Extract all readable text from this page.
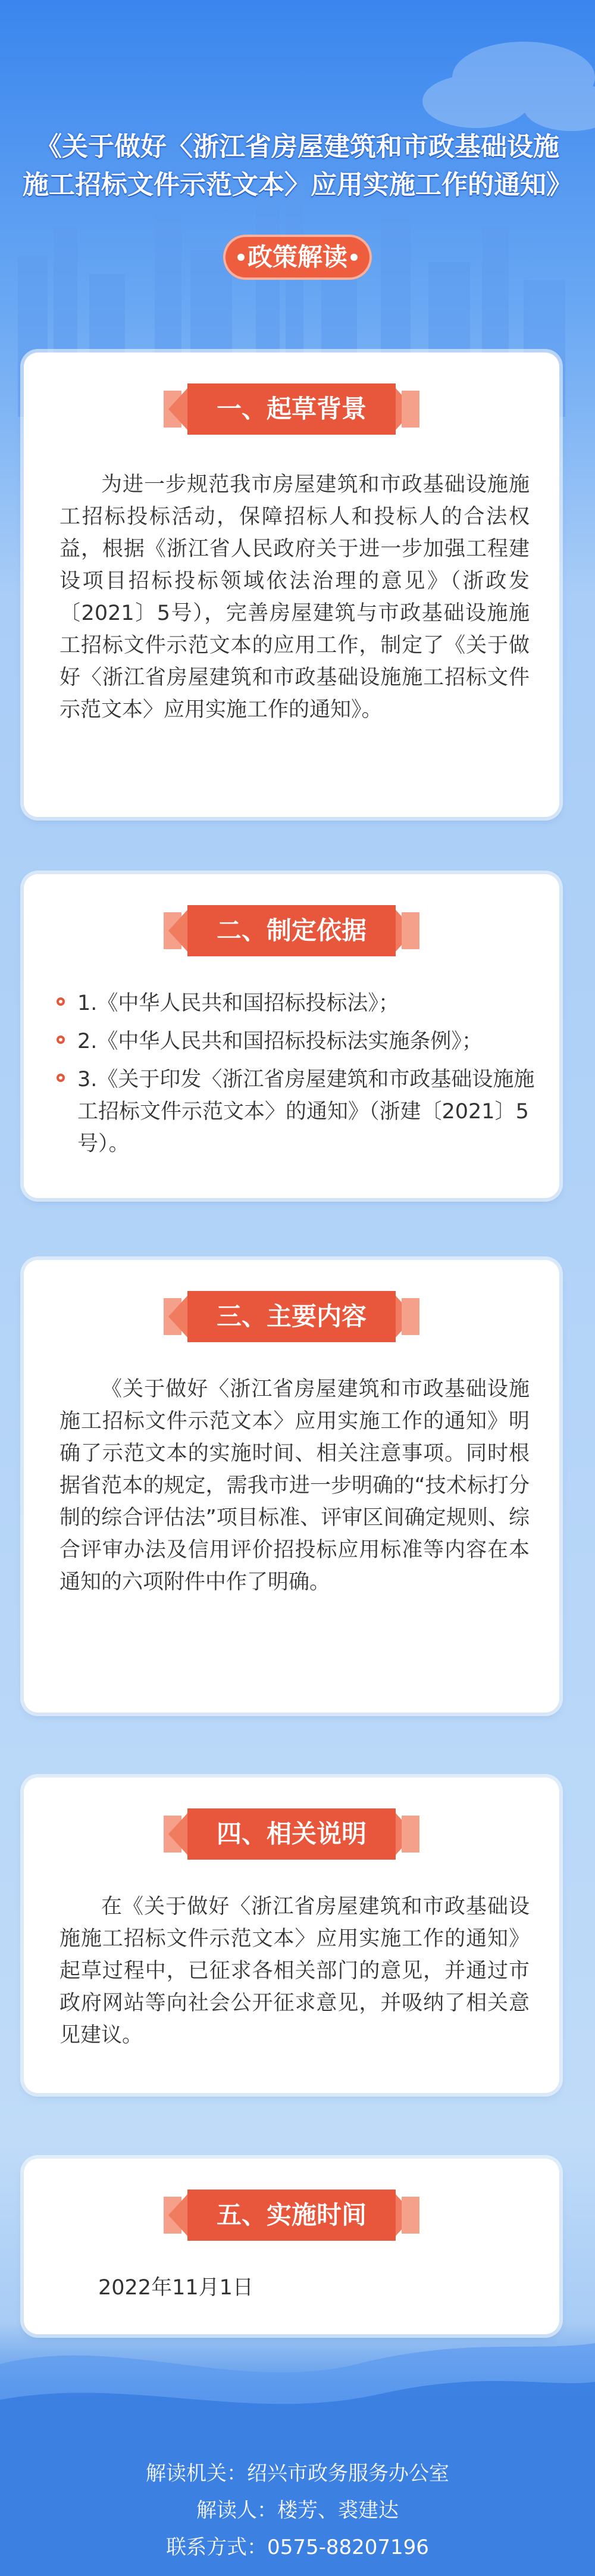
《关于做好〈浙江省房屋建筑和市政基础设施
施工招标文件示范文本〉应用实施工作的通知》
政策解读
一、起草背景
为进一步规范我市房屋建筑和市政基础设施施工招标投标活动，保障招标人和投标人的合法权益，根据《浙江省人民政府关于进一步加强工程建设项目招标投标领域依法治理的意见》（浙政发〔2021〕5号），完善房屋建筑与市政基础设施施工招标文件示范文本的应用工作，制定了《关于做好〈浙江省房屋建筑和市政基础设施施工招标文件示范文本〉应用实施工作的通知》。
二、制定依据
1.《中华人民共和国招标投标法》；
2.《中华人民共和国招标投标法实施条例》；
3.《关于印发〈浙江省房屋建筑和市政基础设施施工招标文件示范文本〉的通知》（浙建〔2021〕5号）。
三、主要内容
《关于做好〈浙江省房屋建筑和市政基础设施施工招标文件示范文本〉应用实施工作的通知》明确了示范文本的实施时间、相关注意事项。同时根据省范本的规定，需我市进一步明确的“技术标打分制的综合评估法”项目标准、评审区间确定规则、综合评审办法及信用评价招投标应用标准等内容在本通知的六项附件中作了明确。
四、相关说明
在《关于做好〈浙江省房屋建筑和市政基础设施施工招标文件示范文本〉应用实施工作的通知》起草过程中，已征求各相关部门的意见，并通过市政府网站等向社会公开征求意见，并吸纳了相关意见建议。
五、实施时间
2022年11月1日
解读机关：绍兴市政务服务办公室
解读人：楼芳、裘建达
联系方式：0575-88207196
